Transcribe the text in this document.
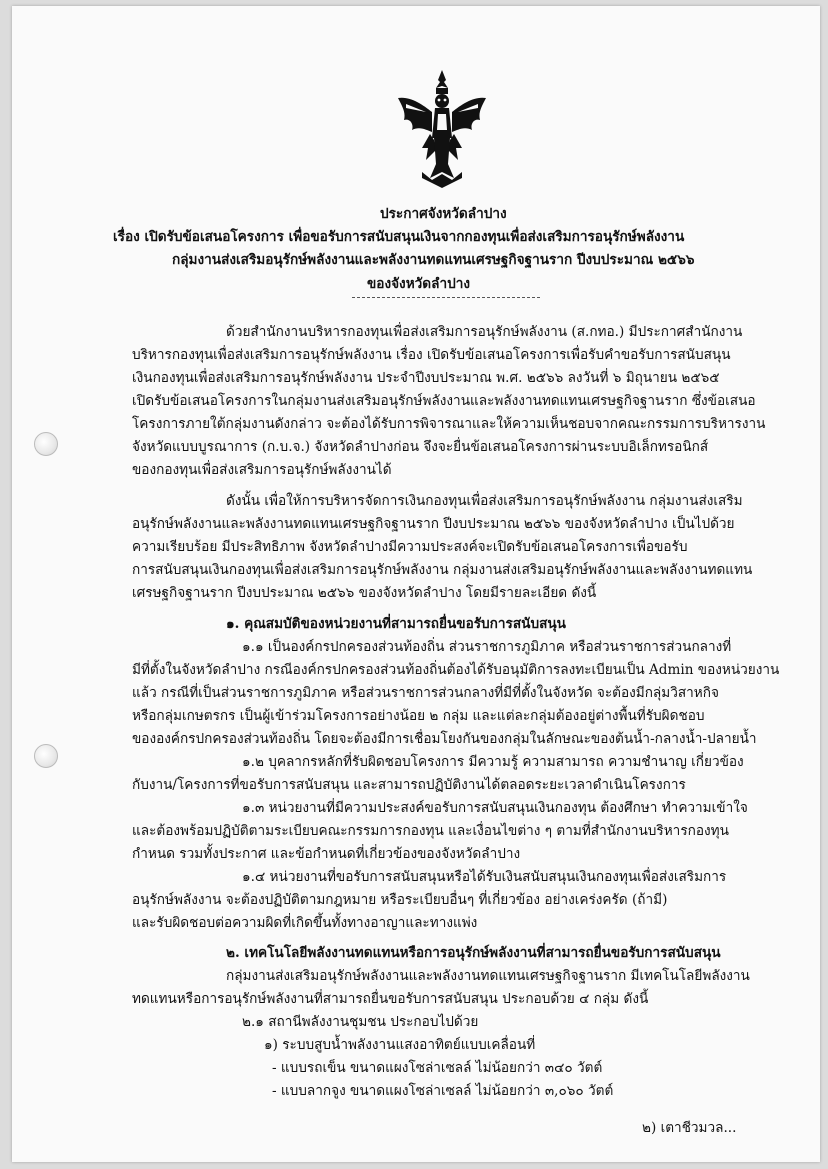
ประกาศจังหวัดลำปาง
เรื่อง เปิดรับข้อเสนอโครงการ เพื่อขอรับการสนับสนุนเงินจากกองทุนเพื่อส่งเสริมการอนุรักษ์พลังงาน
กลุ่มงานส่งเสริมอนุรักษ์พลังงานและพลังงานทดแทนเศรษฐกิจฐานราก ปีงบประมาณ ๒๕๖๖
ของจังหวัดลำปาง
ด้วยสำนักงานบริหารกองทุนเพื่อส่งเสริมการอนุรักษ์พลังงาน (ส.กทอ.) มีประกาศสำนักงาน
บริหารกองทุนเพื่อส่งเสริมการอนุรักษ์พลังงาน เรื่อง เปิดรับข้อเสนอโครงการเพื่อรับคำขอรับการสนับสนุน
เงินกองทุนเพื่อส่งเสริมการอนุรักษ์พลังงาน ประจำปีงบประมาณ พ.ศ. ๒๕๖๖ ลงวันที่ ๖ มิถุนายน ๒๕๖๕
เปิดรับข้อเสนอโครงการในกลุ่มงานส่งเสริมอนุรักษ์พลังงานและพลังงานทดแทนเศรษฐกิจฐานราก ซึ่งข้อเสนอ
โครงการภายใต้กลุ่มงานดังกล่าว จะต้องได้รับการพิจารณาและให้ความเห็นชอบจากคณะกรรมการบริหารงาน
จังหวัดแบบบูรณาการ (ก.บ.จ.) จังหวัดลำปางก่อน จึงจะยื่นข้อเสนอโครงการผ่านระบบอิเล็กทรอนิกส์
ของกองทุนเพื่อส่งเสริมการอนุรักษ์พลังงานได้
ดังนั้น เพื่อให้การบริหารจัดการเงินกองทุนเพื่อส่งเสริมการอนุรักษ์พลังงาน กลุ่มงานส่งเสริม
อนุรักษ์พลังงานและพลังงานทดแทนเศรษฐกิจฐานราก ปีงบประมาณ ๒๕๖๖ ของจังหวัดลำปาง เป็นไปด้วย
ความเรียบร้อย มีประสิทธิภาพ จังหวัดลำปางมีความประสงค์จะเปิดรับข้อเสนอโครงการเพื่อขอรับ
การสนับสนุนเงินกองทุนเพื่อส่งเสริมการอนุรักษ์พลังงาน กลุ่มงานส่งเสริมอนุรักษ์พลังงานและพลังงานทดแทน
เศรษฐกิจฐานราก ปีงบประมาณ ๒๕๖๖ ของจังหวัดลำปาง โดยมีรายละเอียด ดังนี้
๑. คุณสมบัติของหน่วยงานที่สามารถยื่นขอรับการสนับสนุน
๑.๑ เป็นองค์กรปกครองส่วนท้องถิ่น ส่วนราชการภูมิภาค หรือส่วนราชการส่วนกลางที่
มีที่ตั้งในจังหวัดลำปาง กรณีองค์กรปกครองส่วนท้องถิ่นต้องได้รับอนุมัติการลงทะเบียนเป็น Admin ของหน่วยงาน
แล้ว กรณีที่เป็นส่วนราชการภูมิภาค หรือส่วนราชการส่วนกลางที่มีที่ตั้งในจังหวัด จะต้องมีกลุ่มวิสาหกิจ
หรือกลุ่มเกษตรกร เป็นผู้เข้าร่วมโครงการอย่างน้อย ๒ กลุ่ม และแต่ละกลุ่มต้องอยู่ต่างพื้นที่รับผิดชอบ
ขององค์กรปกครองส่วนท้องถิ่น โดยจะต้องมีการเชื่อมโยงกันของกลุ่มในลักษณะของต้นน้ำ-กลางน้ำ-ปลายน้ำ
๑.๒ บุคลากรหลักที่รับผิดชอบโครงการ มีความรู้ ความสามารถ ความชำนาญ เกี่ยวข้อง
กับงาน/โครงการที่ขอรับการสนับสนุน และสามารถปฏิบัติงานได้ตลอดระยะเวลาดำเนินโครงการ
๑.๓ หน่วยงานที่มีความประสงค์ขอรับการสนับสนุนเงินกองทุน ต้องศึกษา ทำความเข้าใจ
และต้องพร้อมปฏิบัติตามระเบียบคณะกรรมการกองทุน และเงื่อนไขต่าง ๆ ตามที่สำนักงานบริหารกองทุน
กำหนด รวมทั้งประกาศ และข้อกำหนดที่เกี่ยวข้องของจังหวัดลำปาง
๑.๔ หน่วยงานที่ขอรับการสนับสนุนหรือได้รับเงินสนับสนุนเงินกองทุนเพื่อส่งเสริมการ
อนุรักษ์พลังงาน จะต้องปฏิบัติตามกฎหมาย หรือระเบียบอื่นๆ ที่เกี่ยวข้อง อย่างเคร่งครัด (ถ้ามี)
และรับผิดชอบต่อความผิดที่เกิดขึ้นทั้งทางอาญาและทางแพ่ง
๒. เทคโนโลยีพลังงานทดแทนหรือการอนุรักษ์พลังงานที่สามารถยื่นขอรับการสนับสนุน
กลุ่มงานส่งเสริมอนุรักษ์พลังงานและพลังงานทดแทนเศรษฐกิจฐานราก มีเทคโนโลยีพลังงาน
ทดแทนหรือการอนุรักษ์พลังงานที่สามารถยื่นขอรับการสนับสนุน ประกอบด้วย ๔ กลุ่ม ดังนี้
๒.๑ สถานีพลังงานชุมชน ประกอบไปด้วย
๑) ระบบสูบน้ำพลังงานแสงอาทิตย์แบบเคลื่อนที่
- แบบรถเข็น ขนาดแผงโซล่าเซลล์ ไม่น้อยกว่า ๓๔๐ วัตต์
- แบบลากจูง ขนาดแผงโซล่าเซลล์ ไม่น้อยกว่า ๓,๐๖๐ วัตต์
๒) เตาชีวมวล...
